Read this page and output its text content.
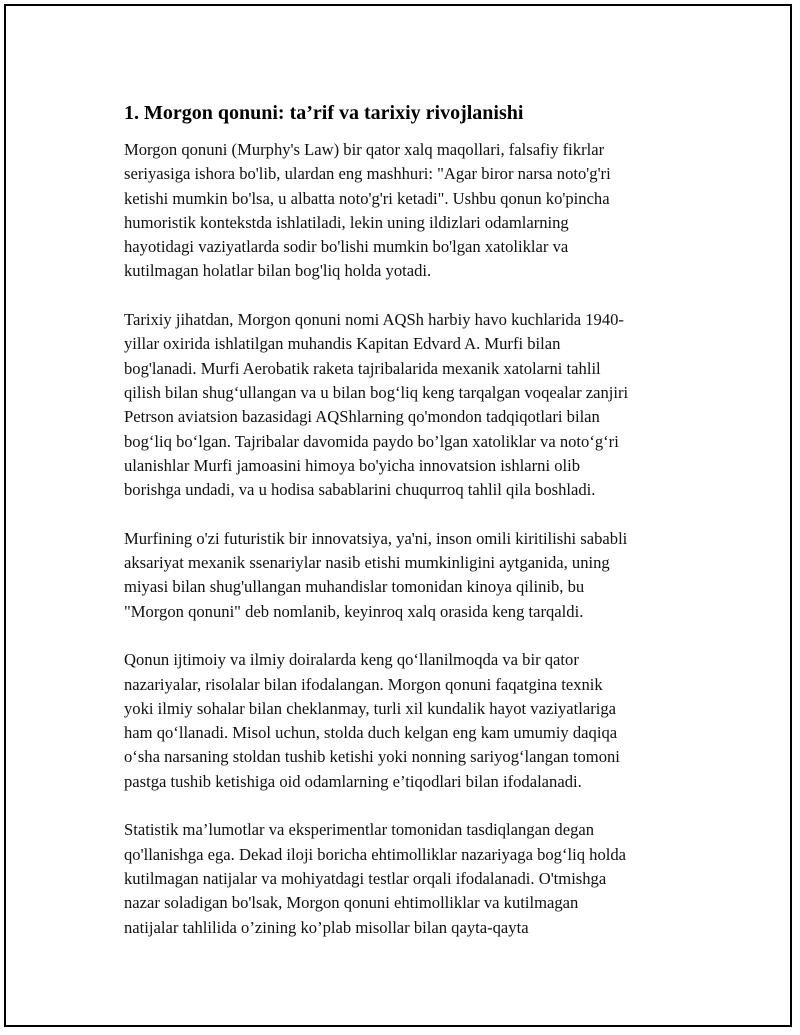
1. Morgon qonuni: ta’rif va tarixiy rivojlanishi

Morgon qonuni (Murphy's Law) bir qator xalq maqollari, falsafiy fikrlar
seriyasiga ishora bo'lib, ulardan eng mashhuri: "Agar biror narsa noto'g'ri
ketishi mumkin bo'lsa, u albatta noto'g'ri ketadi". Ushbu qonun ko'pincha
humoristik kontekstda ishlatiladi, lekin uning ildizlari odamlarning
hayotidagi vaziyatlarda sodir bo'lishi mumkin bo'lgan xatoliklar va
kutilmagan holatlar bilan bog'liq holda yotadi.

Tarixiy jihatdan, Morgon qonuni nomi AQSh harbiy havo kuchlarida 1940-
yillar oxirida ishlatilgan muhandis Kapitan Edvard A. Murfi bilan
bog'lanadi. Murfi Aerobatik raketa tajribalarida mexanik xatolarni tahlil
qilish bilan shug‘ullangan va u bilan bog‘liq keng tarqalgan voqealar zanjiri
Petrson aviatsion bazasidagi AQShlarning qo'mondon tadqiqotlari bilan
bog‘liq bo‘lgan. Tajribalar davomida paydo bo’lgan xatoliklar va noto‘g‘ri
ulanishlar Murfi jamoasini himoya bo'yicha innovatsion ishlarni olib
borishga undadi, va u hodisa sabablarini chuqurroq tahlil qila boshladi.

Murfining o'zi futuristik bir innovatsiya, ya'ni, inson omili kiritilishi sababli
aksariyat mexanik ssenariylar nasib etishi mumkinligini aytganida, uning
miyasi bilan shug'ullangan muhandislar tomonidan kinoya qilinib, bu
"Morgon qonuni" deb nomlanib, keyinroq xalq orasida keng tarqaldi.

Qonun ijtimoiy va ilmiy doiralarda keng qo‘llanilmoqda va bir qator
nazariyalar, risolalar bilan ifodalangan. Morgon qonuni faqatgina texnik
yoki ilmiy sohalar bilan cheklanmay, turli xil kundalik hayot vaziyatlariga
ham qo‘llanadi. Misol uchun, stolda duch kelgan eng kam umumiy daqiqa
o‘sha narsaning stoldan tushib ketishi yoki nonning sariyog‘langan tomoni
pastga tushib ketishiga oid odamlarning e’tiqodlari bilan ifodalanadi.

Statistik ma’lumotlar va eksperimentlar tomonidan tasdiqlangan degan
qo'llanishga ega. Dekad iloji boricha ehtimolliklar nazariyaga bog‘liq holda
kutilmagan natijalar va mohiyatdagi testlar orqali ifodalanadi. O'tmishga
nazar soladigan bo'lsak, Morgon qonuni ehtimolliklar va kutilmagan
natijalar tahlilida o’zining ko’plab misollar bilan qayta-qayta
